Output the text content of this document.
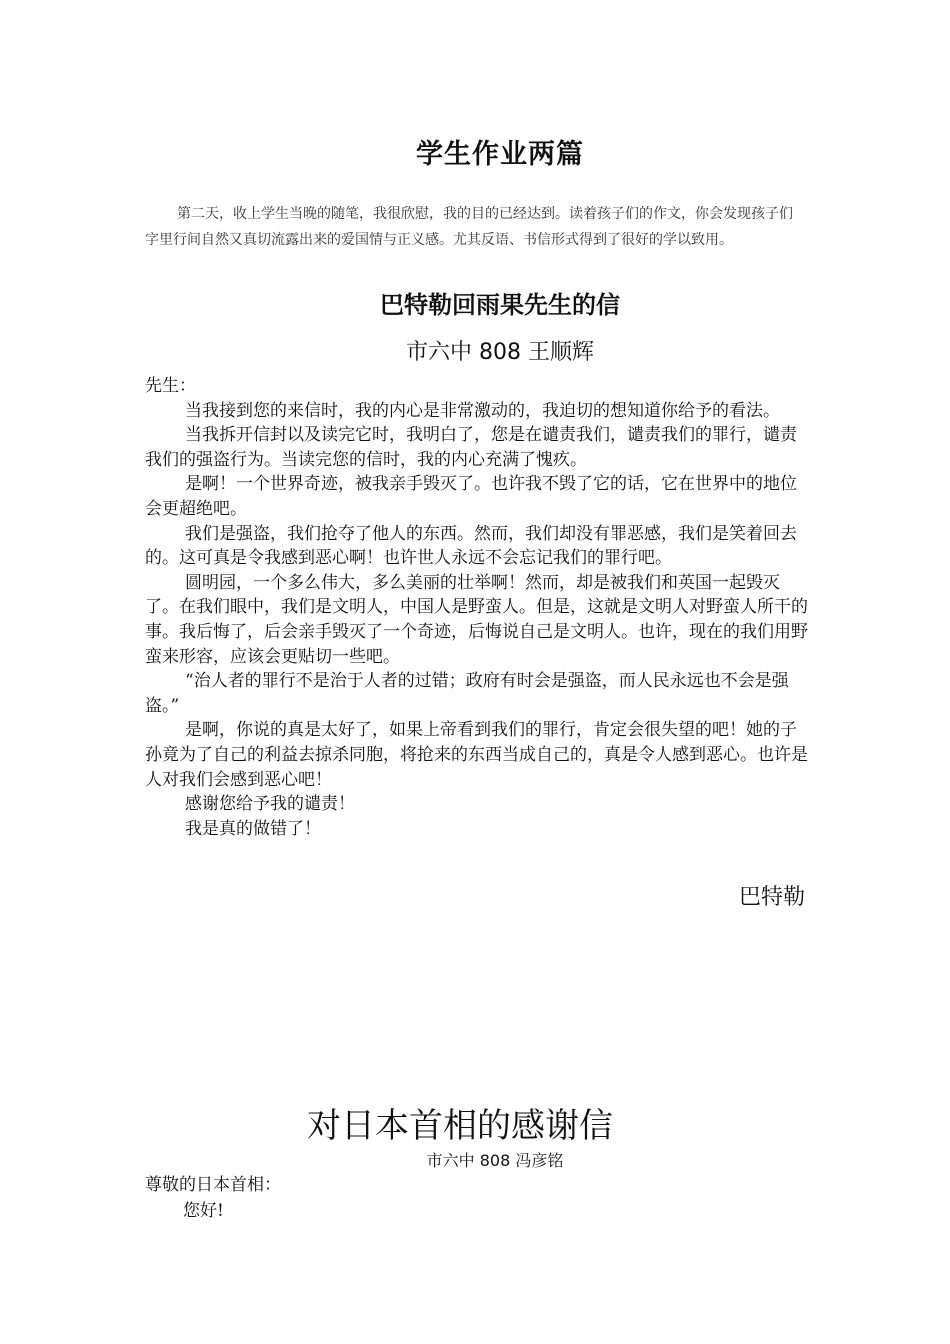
学生作业两篇

第二天，收上学生当晚的随笔，我很欣慰，我的目的已经达到。读着孩子们的作文，你会发现孩子们字里行间自然又真切流露出来的爱国情与正义感。尤其反语、书信形式得到了很好的学以致用。

巴特勒回雨果先生的信
市六中 808 王顺辉

先生：

当我接到您的来信时，我的内心是非常激动的，我迫切的想知道你给予的看法。

当我拆开信封以及读完它时，我明白了，您是在谴责我们，谴责我们的罪行，谴责我们的强盗行为。当读完您的信时，我的内心充满了愧疚。

是啊！一个世界奇迹，被我亲手毁灭了。也许我不毁了它的话，它在世界中的地位会更超绝吧。

我们是强盗，我们抢夺了他人的东西。然而，我们却没有罪恶感，我们是笑着回去的。这可真是令我感到恶心啊！也许世人永远不会忘记我们的罪行吧。

圆明园，一个多么伟大，多么美丽的壮举啊！然而，却是被我们和英国一起毁灭了。在我们眼中，我们是文明人，中国人是野蛮人。但是，这就是文明人对野蛮人所干的事。我后悔了，后会亲手毁灭了一个奇迹，后悔说自己是文明人。也许，现在的我们用野蛮来形容，应该会更贴切一些吧。

“治人者的罪行不是治于人者的过错；政府有时会是强盗，而人民永远也不会是强盗。”

是啊，你说的真是太好了，如果上帝看到我们的罪行，肯定会很失望的吧！她的子孙竟为了自己的利益去掠杀同胞，将抢来的东西当成自己的，真是令人感到恶心。也许是人对我们会感到恶心吧！

感谢您给予我的谴责！

我是真的做错了！

巴特勒
对日本首相的感谢信
市六中 808 冯彦铭

尊敬的日本首相：

您好!
